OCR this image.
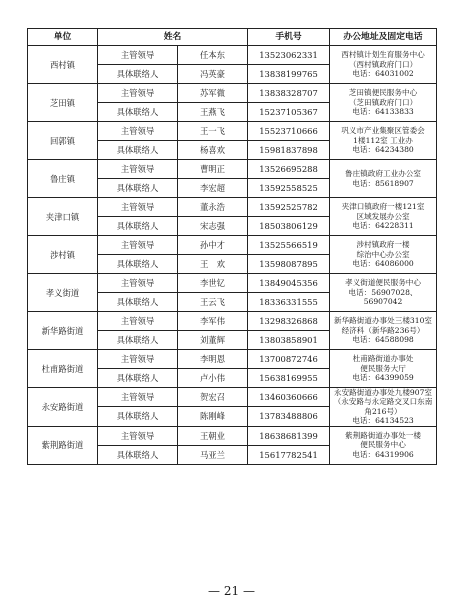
单位	姓名		手机号	办公地址及固定电话
西村镇	主管领导	任本东	13523062331	西村镇计划生育服务中心
（西村镇政府门口）
电话：64031002
	具体联络人	冯英豪	13838199765	
芝田镇	主管领导	苏军微	13838328707	芝田镇便民服务中心
（芝田镇政府门口）
电话：64133833
	具体联络人	王燕飞	15237105367	
回郭镇	主管领导	王一飞	15523710666	巩义市产业集聚区管委会
1楼112室 工业办
电话：64234380
	具体联络人	杨喜欢	15981837898	
鲁庄镇	主管领导	曹明正	13526695288	鲁庄镇政府工业办公室
电话：85618907
	具体联络人	李宏超	13592558525	
夹津口镇	主管领导	董永浩	13592525782	夹津口镇政府一楼121室
区域发展办公室
电话：64228311
	具体联络人	宋志强	18503806129	
涉村镇	主管领导	孙中才	13525566519	涉村镇政府一楼
综治中心办公室
电话：64086000
	具体联络人	王　欢	13598087895	
孝义街道	主管领导	李世钇	13849045356	孝义街道便民服务中心
电话：56907028、56907042
	具体联络人	王云飞	18336331555	
新华路街道	主管领导	李军伟	13298326868	新华路街道办事处三楼310室
经济科（新华路236号）
电话：64588098
	具体联络人	刘董辉	13803858901	
杜甫路街道	主管领导	李明恩	13700872746	杜甫路街道办事处
便民服务大厅
电话：64399059
	具体联络人	卢小伟	15638169955	
永安路街道	主管领导	贺宏召	13460360666	永安路街道办事处九楼907室
（永安路与永定路交叉口东南
角216号）
电话：64134523
	具体联络人	陈刚峰	13783488806	
紫荆路街道	主管领导	王朝业	18638681399	紫荆路街道办事处一楼
便民服务中心
电话：64319906
	具体联络人	马亚兰	15617782541	
— 21 —
